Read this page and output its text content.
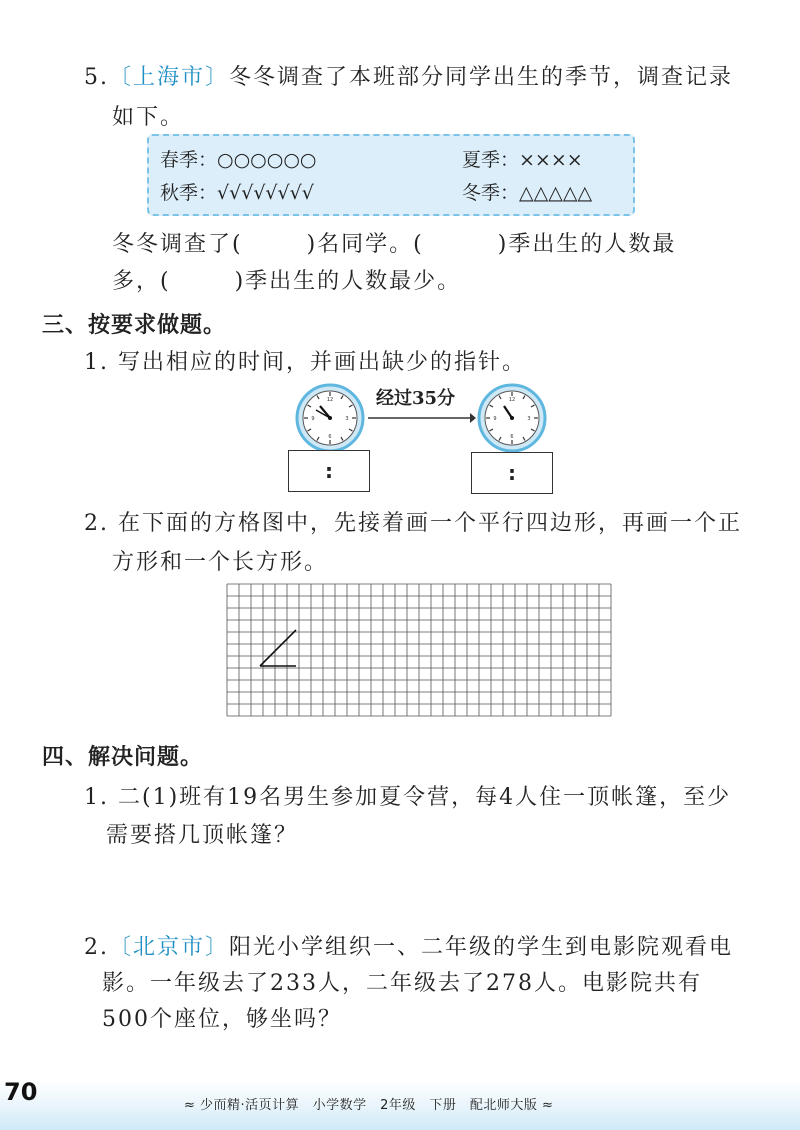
5.〔上海市〕冬冬调查了本班部分同学出生的季节，调查记录
如下。
春季：○○○○○○	夏季：××××
秋季：√√√√√√√√	冬季：△△△△△
冬冬调查了(	)名同学。(	)季出生的人数最
多，(	)季出生的人数最少。
三、按要求做题。
1. 写出相应的时间，并画出缺少的指针。
12
3
6
9
经过35分	12
3
6
9
:	:
2. 在下面的方格图中，先接着画一个平行四边形，再画一个正
方形和一个长方形。
四、解决问题。
1. 二(1)班有19名男生参加夏令营，每4人住一顶帐篷，至少
需要搭几顶帐篷？
2.〔北京市〕阳光小学组织一、二年级的学生到电影院观看电
影。一年级去了233人，二年级去了278人。电影院共有
500个座位，够坐吗？
70	≈ 少而精·活页计算　小学数学　2年级　下册　配北师大版 ≈
